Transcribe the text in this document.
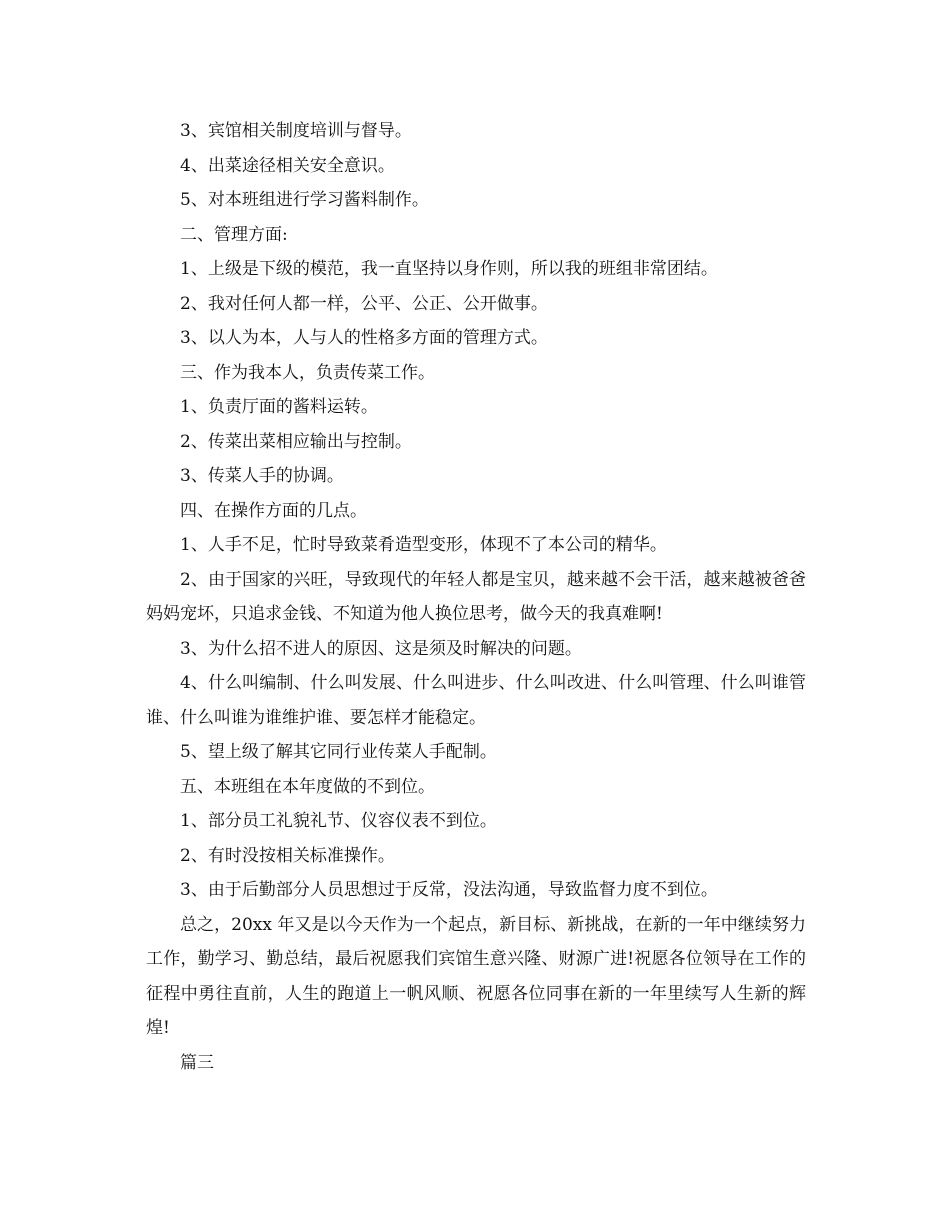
3、宾馆相关制度培训与督导。

4、出菜途径相关安全意识。

5、对本班组进行学习酱料制作。

二、管理方面:

1、上级是下级的模范，我一直坚持以身作则，所以我的班组非常团结。

2、我对任何人都一样，公平、公正、公开做事。

3、以人为本，人与人的性格多方面的管理方式。

三、作为我本人，负责传菜工作。

1、负责厅面的酱料运转。

2、传菜出菜相应输出与控制。

3、传菜人手的协调。

四、在操作方面的几点。

1、人手不足，忙时导致菜肴造型变形，体现不了本公司的精华。

2、由于国家的兴旺，导致现代的年轻人都是宝贝，越来越不会干活，越来越被爸爸妈妈宠坏，只追求金钱、不知道为他人换位思考，做今天的我真难啊!

3、为什么招不进人的原因、这是须及时解决的问题。

4、什么叫编制、什么叫发展、什么叫进步、什么叫改进、什么叫管理、什么叫谁管谁、什么叫谁为谁维护谁、要怎样才能稳定。

5、望上级了解其它同行业传菜人手配制。

五、本班组在本年度做的不到位。

1、部分员工礼貌礼节、仪容仪表不到位。

2、有时没按相关标准操作。

3、由于后勤部分人员思想过于反常，没法沟通，导致监督力度不到位。

总之，20xx 年又是以今天作为一个起点，新目标、新挑战，在新的一年中继续努力工作，勤学习、勤总结，最后祝愿我们宾馆生意兴隆、财源广进!祝愿各位领导在工作的征程中勇往直前，人生的跑道上一帆风顺、祝愿各位同事在新的一年里续写人生新的辉煌!

篇三
